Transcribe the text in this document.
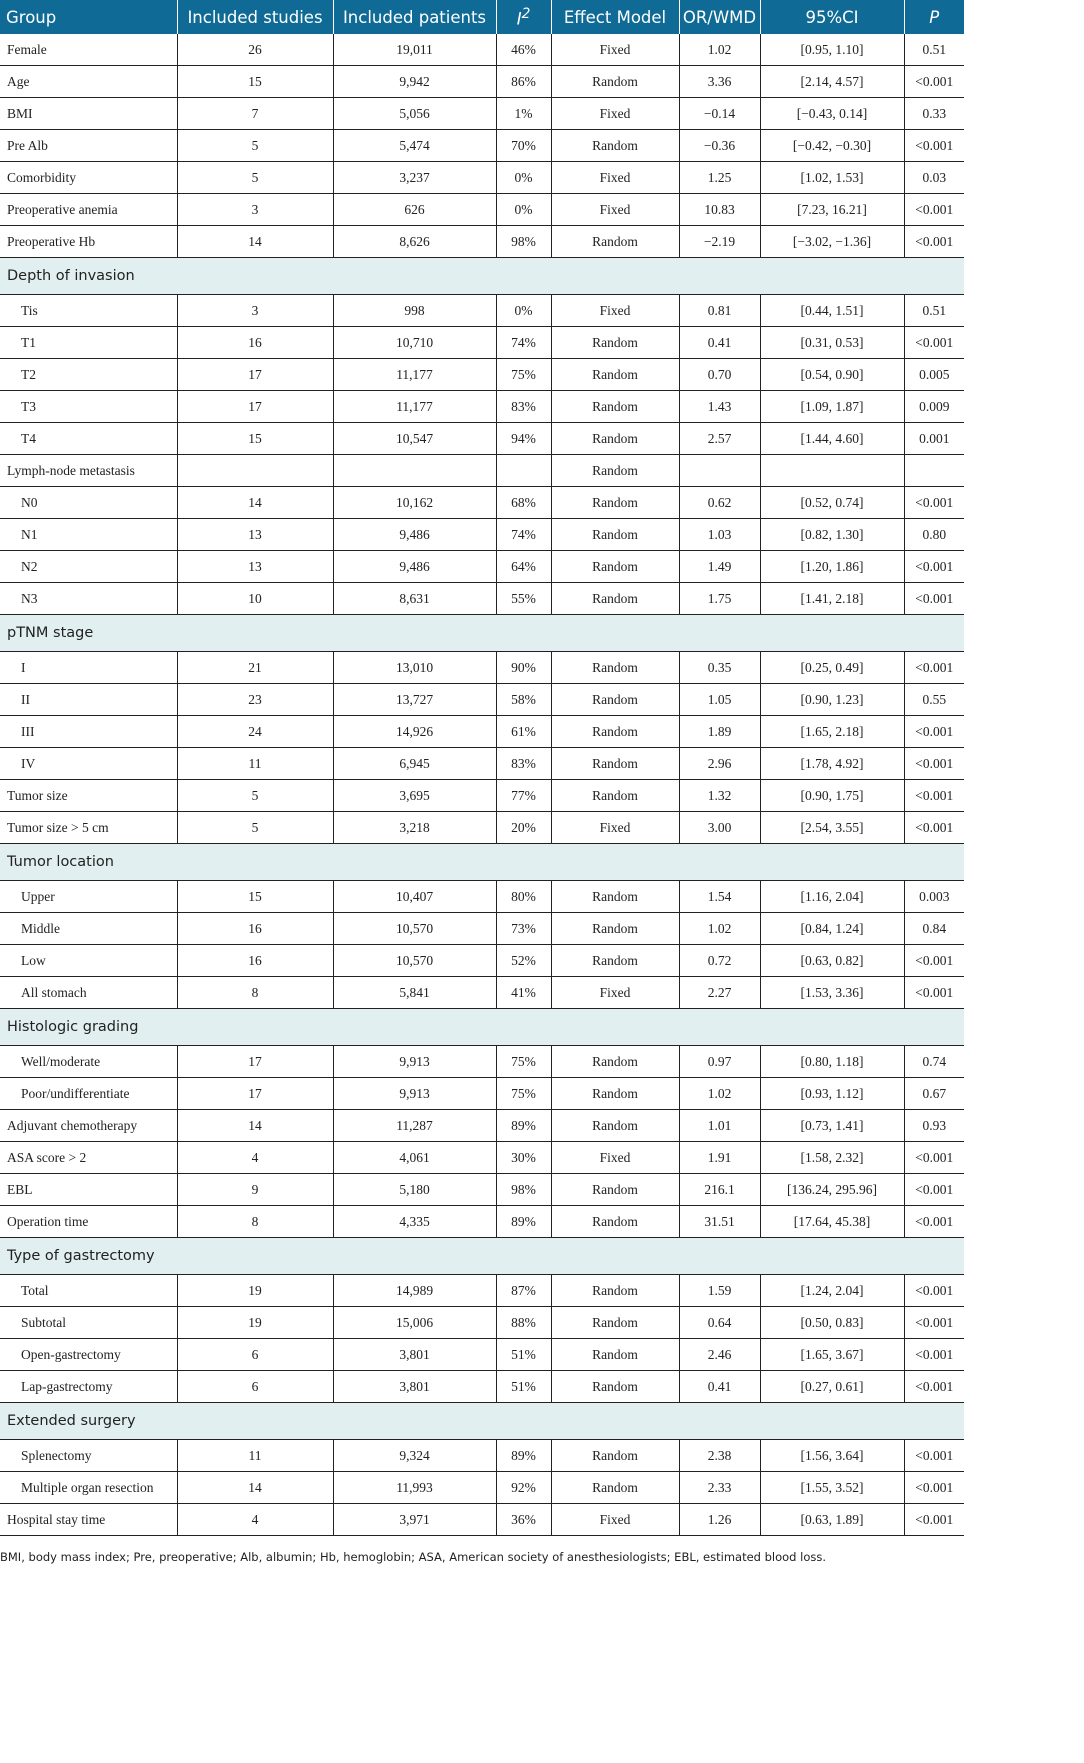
Group	Included studies	Included patients	$I^2$	Effect Model	OR/WMD	95%CI	P
Female	26	19,011	46%	Fixed	1.02	[0.95, 1.10]	0.51
Age	15	9,942	86%	Random	3.36	[2.14, 4.57]	<0.001
BMI	7	5,056	1%	Fixed	−0.14	[−0.43, 0.14]	0.33
Pre Alb	5	5,474	70%	Random	−0.36	[−0.42, −0.30]	<0.001
Comorbidity	5	3,237	0%	Fixed	1.25	[1.02, 1.53]	0.03
Preoperative anemia	3	626	0%	Fixed	10.83	[7.23, 16.21]	<0.001
Preoperative Hb	14	8,626	98%	Random	−2.19	[−3.02, −1.36]	<0.001
Depth of invasion							
Tis	3	998	0%	Fixed	0.81	[0.44, 1.51]	0.51
T1	16	10,710	74%	Random	0.41	[0.31, 0.53]	<0.001
T2	17	11,177	75%	Random	0.70	[0.54, 0.90]	0.005
T3	17	11,177	83%	Random	1.43	[1.09, 1.87]	0.009
T4	15	10,547	94%	Random	2.57	[1.44, 4.60]	0.001
Lymph-node metastasis				Random			
N0	14	10,162	68%	Random	0.62	[0.52, 0.74]	<0.001
N1	13	9,486	74%	Random	1.03	[0.82, 1.30]	0.80
N2	13	9,486	64%	Random	1.49	[1.20, 1.86]	<0.001
N3	10	8,631	55%	Random	1.75	[1.41, 2.18]	<0.001
pTNM stage							
I	21	13,010	90%	Random	0.35	[0.25, 0.49]	<0.001
II	23	13,727	58%	Random	1.05	[0.90, 1.23]	0.55
III	24	14,926	61%	Random	1.89	[1.65, 2.18]	<0.001
IV	11	6,945	83%	Random	2.96	[1.78, 4.92]	<0.001
Tumor size	5	3,695	77%	Random	1.32	[0.90, 1.75]	<0.001
Tumor size > 5 cm	5	3,218	20%	Fixed	3.00	[2.54, 3.55]	<0.001
Tumor location							
Upper	15	10,407	80%	Random	1.54	[1.16, 2.04]	0.003
Middle	16	10,570	73%	Random	1.02	[0.84, 1.24]	0.84
Low	16	10,570	52%	Random	0.72	[0.63, 0.82]	<0.001
All stomach	8	5,841	41%	Fixed	2.27	[1.53, 3.36]	<0.001
Histologic grading							
Well/moderate	17	9,913	75%	Random	0.97	[0.80, 1.18]	0.74
Poor/undifferentiate	17	9,913	75%	Random	1.02	[0.93, 1.12]	0.67
Adjuvant chemotherapy	14	11,287	89%	Random	1.01	[0.73, 1.41]	0.93
ASA score > 2	4	4,061	30%	Fixed	1.91	[1.58, 2.32]	<0.001
EBL	9	5,180	98%	Random	216.1	[136.24, 295.96]	<0.001
Operation time	8	4,335	89%	Random	31.51	[17.64, 45.38]	<0.001
Type of gastrectomy							
Total	19	14,989	87%	Random	1.59	[1.24, 2.04]	<0.001
Subtotal	19	15,006	88%	Random	0.64	[0.50, 0.83]	<0.001
Open-gastrectomy	6	3,801	51%	Random	2.46	[1.65, 3.67]	<0.001
Lap-gastrectomy	6	3,801	51%	Random	0.41	[0.27, 0.61]	<0.001
Extended surgery							
Splenectomy	11	9,324	89%	Random	2.38	[1.56, 3.64]	<0.001
Multiple organ resection	14	11,993	92%	Random	2.33	[1.55, 3.52]	<0.001
Hospital stay time	4	3,971	36%	Fixed	1.26	[0.63, 1.89]	<0.001
BMI, body mass index; Pre, preoperative; Alb, albumin; Hb, hemoglobin; ASA, American society of anesthesiologists; EBL, estimated blood loss.
